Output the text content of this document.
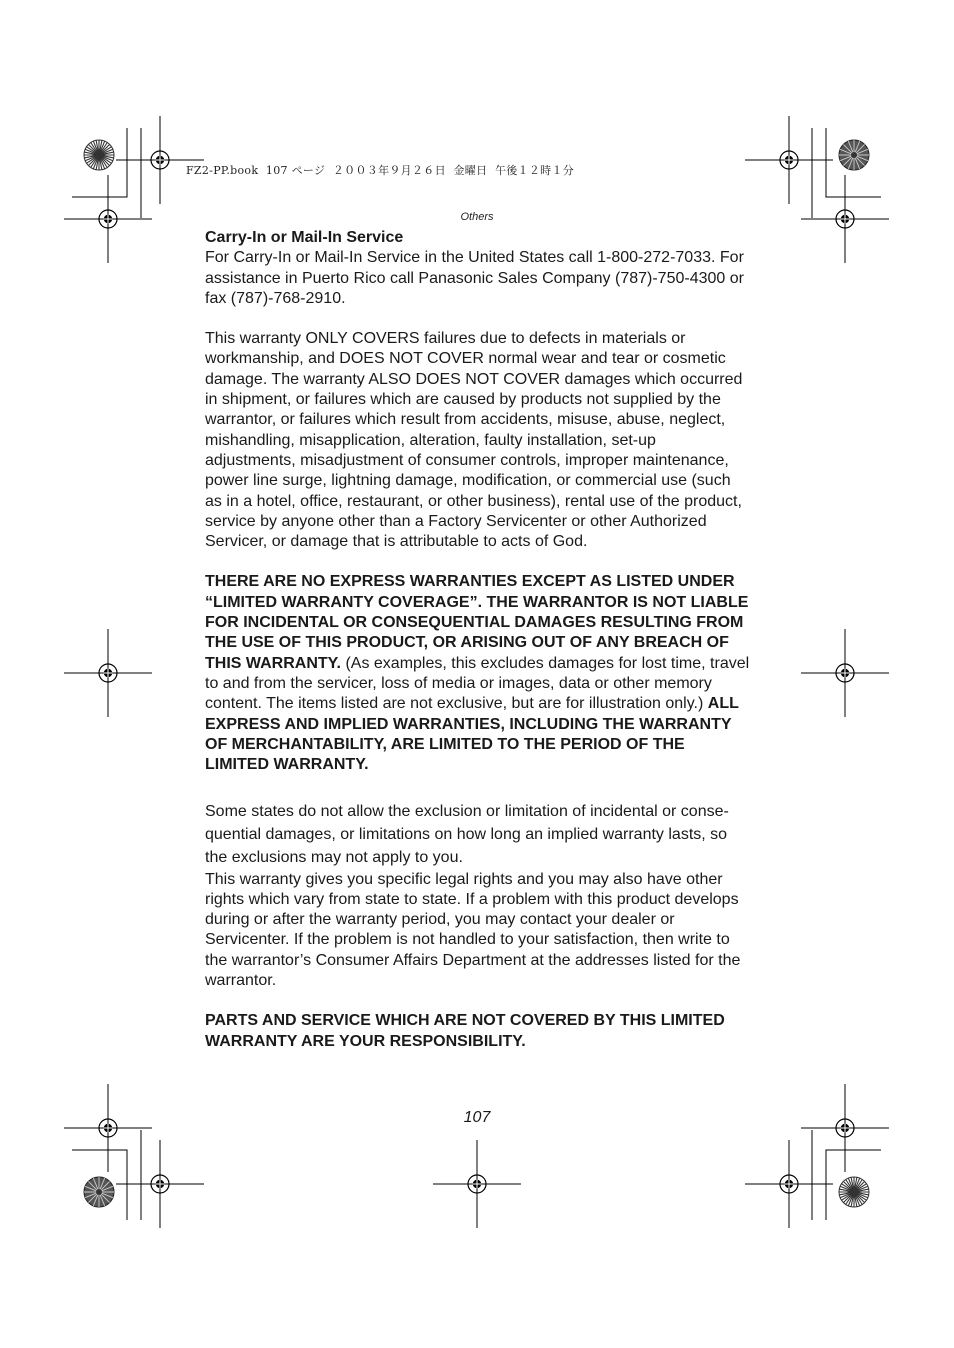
FZ2-PP.book  107 ページ  ２００３年９月２６日  金曜日  午後１２時１分
Others

Carry-In or Mail-In Service

For Carry-In or Mail-In Service in the United States call 1-800-272-7033. For assistance in Puerto Rico call Panasonic Sales Company (787)-750-4300 or fax (787)-768-2910.

This warranty ONLY COVERS failures due to defects in materials or workmanship, and DOES NOT COVER normal wear and tear or cosmetic damage. The warranty ALSO DOES NOT COVER damages which occurred in shipment, or failures which are caused by products not supplied by the warrantor, or failures which result from accidents, misuse, abuse, neglect, mishandling, misapplication, alteration, faulty installation, set-up adjustments, misadjustment of consumer controls, improper maintenance, power line surge, lightning damage, modification, or commercial use (such as in a hotel, office, restaurant, or other business), rental use of the product, service by anyone other than a Factory Servicenter or other Authorized Servicer, or damage that is attributable to acts of God.

THERE ARE NO EXPRESS WARRANTIES EXCEPT AS LISTED UNDER “LIMITED WARRANTY COVERAGE”. THE WARRANTOR IS NOT LIABLE FOR INCIDENTAL OR CONSEQUENTIAL DAMAGES RESULTING FROM THE USE OF THIS PRODUCT, OR ARISING OUT OF ANY BREACH OF THIS WARRANTY. (As examples, this excludes damages for lost time, travel to and from the servicer, loss of media or images, data or other memory content. The items listed are not exclusive, but are for illustration only.) ALL EXPRESS AND IMPLIED WARRANTIES, INCLUDING THE WARRANTY OF MERCHANTABILITY, ARE LIMITED TO THE PERIOD OF THE LIMITED WARRANTY.

Some states do not allow the exclusion or limitation of incidental or conse-quential damages, or limitations on how long an implied warranty lasts, so the exclusions may not apply to you.

This warranty gives you specific legal rights and you may also have other rights which vary from state to state. If a problem with this product develops during or after the warranty period, you may contact your dealer or Servicenter. If the problem is not handled to your satisfaction, then write to the warrantor’s Consumer Affairs Department at the addresses listed for the warrantor.

PARTS AND SERVICE WHICH ARE NOT COVERED BY THIS LIMITED WARRANTY ARE YOUR RESPONSIBILITY.

107
